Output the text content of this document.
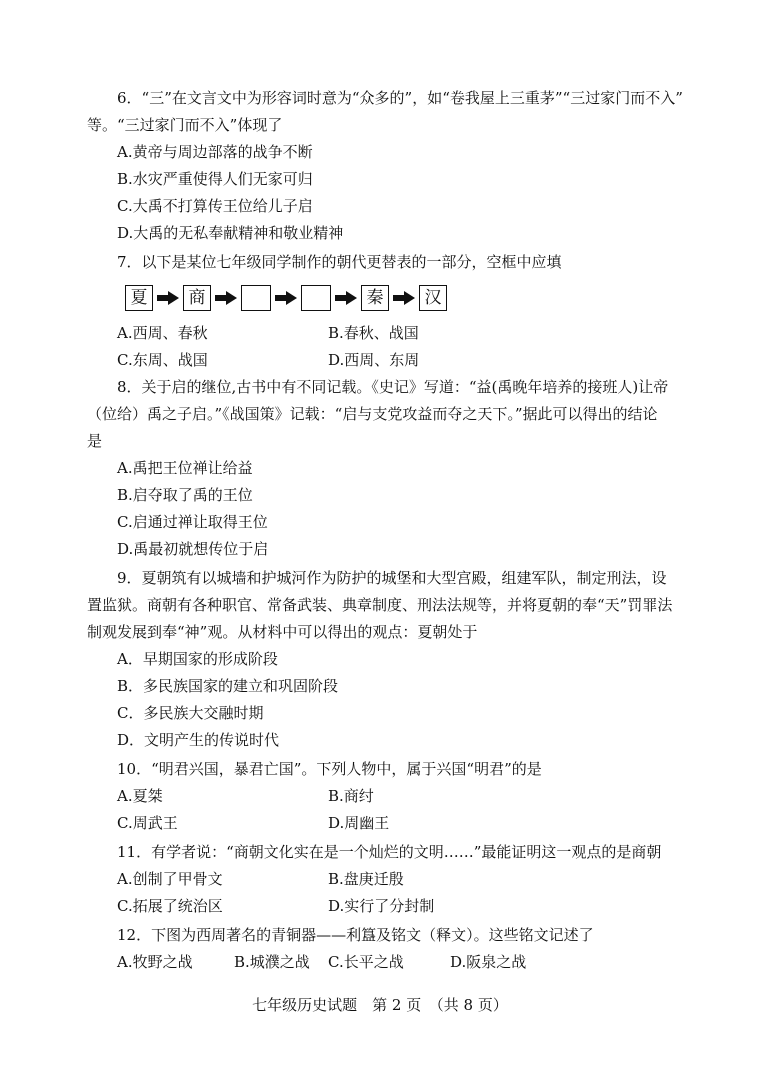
6．“三”在文言文中为形容词时意为“众多的”，如“卷我屋上三重茅”“三过家门而不入”
等。“三过家门而不入”体现了
A.黄帝与周边部落的战争不断
B.水灾严重使得人们无家可归
C.大禹不打算传王位给儿子启
D.大禹的无私奉献精神和敬业精神
7．以下是某位七年级同学制作的朝代更替表的一部分，空框中应填
夏	商	秦	汉
A.西周、春秋	B.春秋、战国
C.东周、战国	D.西周、东周
8．关于启的继位,古书中有不同记载。《史记》写道：“益(禹晚年培养的接班人)让帝
（位给）禹之子启。”《战国策》记载：“启与支党攻益而夺之天下。”据此可以得出的结论
是
A.禹把王位禅让给益
B.启夺取了禹的王位
C.启通过禅让取得王位
D.禹最初就想传位于启
9．夏朝筑有以城墙和护城河作为防护的城堡和大型宫殿，组建军队，制定刑法，设
置监狱。商朝有各种职官、常备武装、典章制度、刑法法规等，并将夏朝的奉“天”罚罪法
制观发展到奉“神”观。从材料中可以得出的观点：夏朝处于
A．早期国家的形成阶段
B．多民族国家的建立和巩固阶段
C．多民族大交融时期
D．文明产生的传说时代
10．“明君兴国，暴君亡国”。下列人物中，属于兴国“明君”的是
A.夏桀	B.商纣
C.周武王	D.周幽王
11．有学者说：“商朝文化实在是一个灿烂的文明……”最能证明这一观点的是商朝
A.创制了甲骨文	B.盘庚迁殷
C.拓展了统治区	D.实行了分封制
12．下图为西周著名的青铜器——利簋及铭文（释文）。这些铭文记述了
A.牧野之战	B.城濮之战 C.长平之战	D.阪泉之战
七年级历史试题　第 2 页　（共 8 页）
